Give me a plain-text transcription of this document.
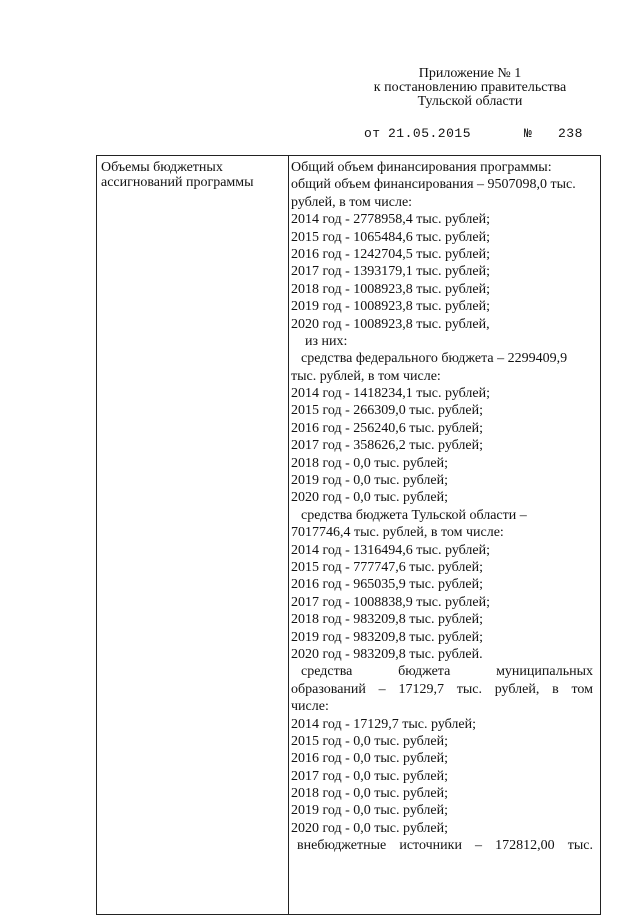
Приложение № 1
к постановлению правительства
Тульской области
от 21.05.2015	№ 238
Объемы бюджетных
ассигнований программы
Общий объем финансирования программы:
общий объем финансирования – 9507098,0 тыс.
рублей, в том числе:
2014 год - 2778958,4 тыс. рублей;
2015 год - 1065484,6 тыс. рублей;
2016 год - 1242704,5 тыс. рублей;
2017 год - 1393179,1 тыс. рублей;
2018 год - 1008923,8 тыс. рублей;
2019 год - 1008923,8 тыс. рублей;
2020 год - 1008923,8 тыс. рублей,
из них:
средства федерального бюджета – 2299409,9
тыс. рублей, в том числе:
2014 год - 1418234,1 тыс. рублей;
2015 год - 266309,0 тыс. рублей;
2016 год - 256240,6 тыс. рублей;
2017 год - 358626,2 тыс. рублей;
2018 год - 0,0 тыс. рублей;
2019 год - 0,0 тыс. рублей;
2020 год - 0,0 тыс. рублей;
средства бюджета Тульской области –
7017746,4 тыс. рублей, в том числе:
2014 год - 1316494,6 тыс. рублей;
2015 год - 777747,6 тыс. рублей;
2016 год - 965035,9 тыс. рублей;
2017 год - 1008838,9 тыс. рублей;
2018 год - 983209,8 тыс. рублей;
2019 год - 983209,8 тыс. рублей;
2020 год - 983209,8 тыс. рублей.
средства бюджета муниципальных
образований – 17129,7 тыс. рублей, в том
числе:
2014 год - 17129,7 тыс. рублей;
2015 год - 0,0 тыс. рублей;
2016 год - 0,0 тыс. рублей;
2017 год - 0,0 тыс. рублей;
2018 год - 0,0 тыс. рублей;
2019 год - 0,0 тыс. рублей;
2020 год - 0,0 тыс. рублей;
внебюджетные источники – 172812,00 тыс.
